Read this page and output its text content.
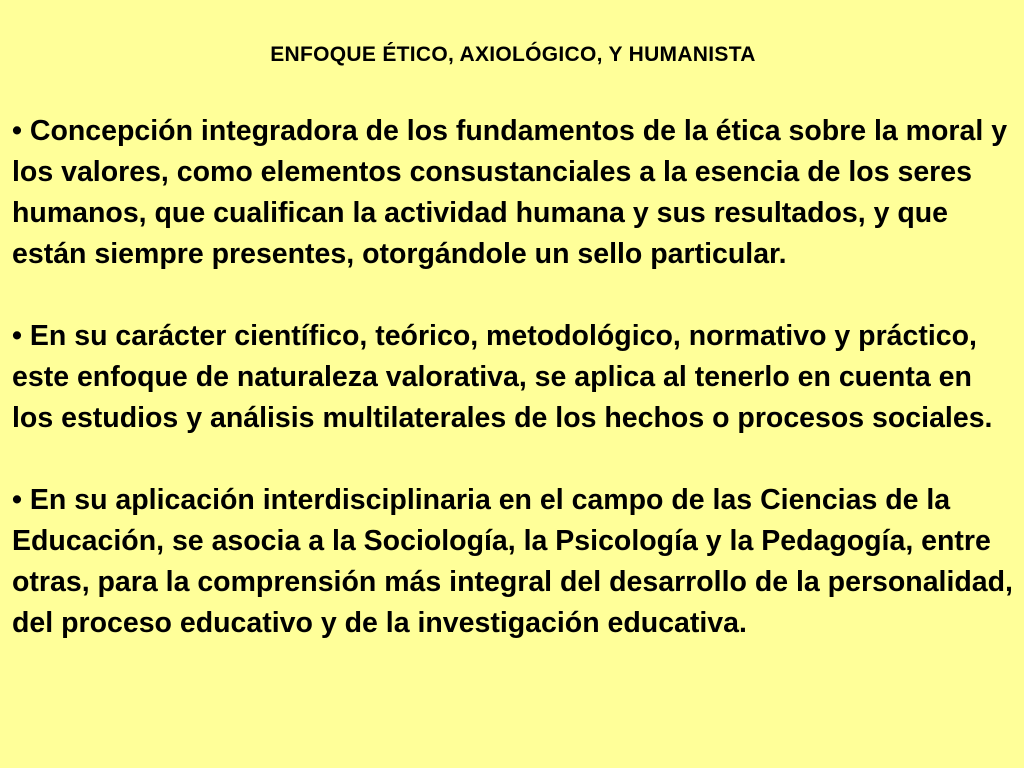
ENFOQUE ÉTICO, AXIOLÓGICO, Y HUMANISTA
• Concepción integradora de los fundamentos de la ética sobre la moral y los valores, como elementos consustanciales a la esencia de los seres humanos, que cualifican la actividad humana y sus resultados, y que están siempre presentes, otorgándole un sello particular.
• En su carácter científico, teórico, metodológico, normativo y práctico, este enfoque de naturaleza valorativa, se aplica al tenerlo en cuenta en los estudios y análisis multilaterales de los hechos o procesos sociales.
• En su aplicación interdisciplinaria en el campo de las Ciencias de la Educación, se asocia a la Sociología, la Psicología y la Pedagogía, entre otras, para la comprensión más integral del desarrollo de la personalidad, del proceso educativo y de la investigación educativa.
